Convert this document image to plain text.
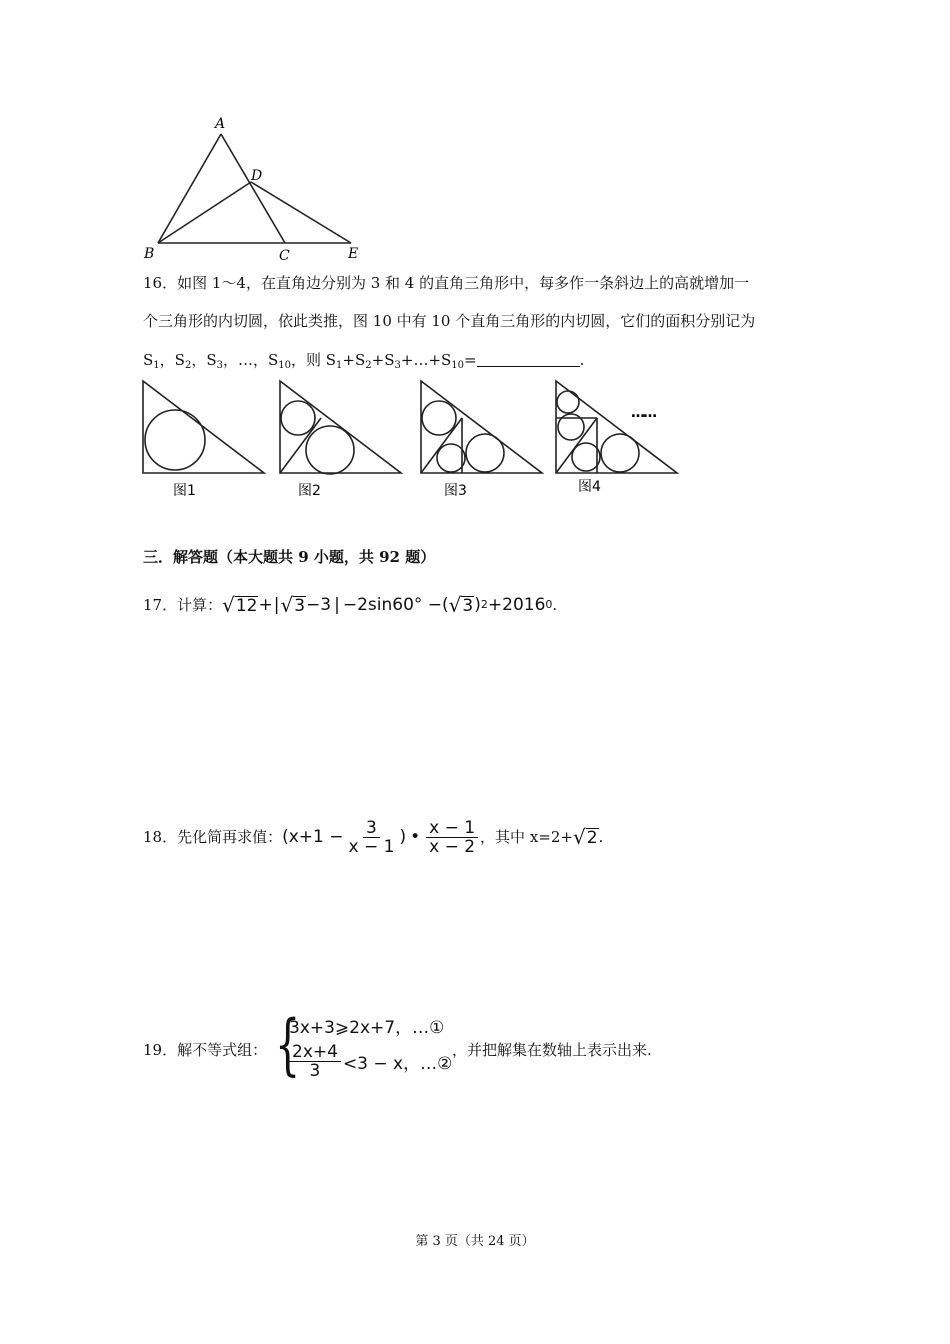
A
D
B	C	E
16．如图 1～4，在直角边分别为 3 和 4 的直角三角形中，每多作一条斜边上的高就增加一
个三角形的内切圆，依此类推，图 10 中有 10 个直角三角形的内切圆，它们的面积分别记为
$S_1$，$S_2$，$S_3$，…，$S_{10}$，则 $S_1+S_2+S_3+\dots+S_{10}=$	.
图1	图2	图3	图4
……
三．解答题（本大题共 9 小题，共 92 题）
17．计算： √ 12 + | √ 3 −3 | −2sin60° −( √ 3 ) 2 +2016 0 .
18．先化简再求值： ($x+1 - \frac{3}{x - 1}$ ) • $\frac{x - 1}{x - 2}$ ，其中 x=2+ √ 2 .
19．解不等式组： {
3x+3⩾2x+7，…①
$\frac{2x+4}{3} <3 - x$，…②
，并把解集在数轴上表示出来.
第 3 页（共 24 页）
